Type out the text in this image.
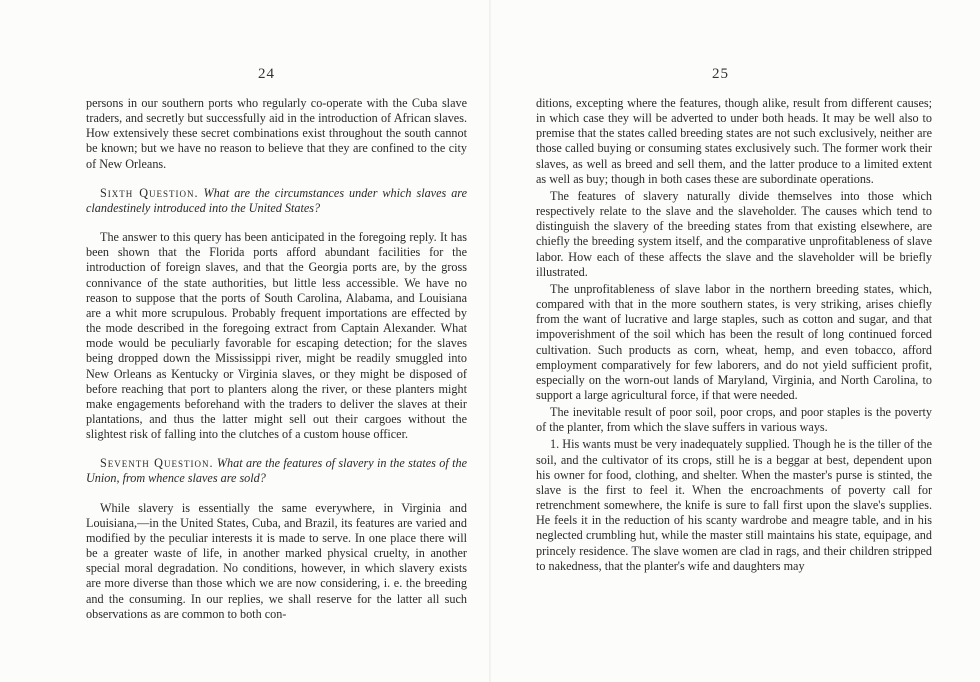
24

persons in our southern ports who regularly co-operate with the Cuba slave traders, and secretly but successfully aid in the introduction of African slaves. How extensively these secret combinations exist throughout the south cannot be known; but we have no reason to believe that they are confined to the city of New Orleans.

Sixth Question. What are the circumstances under which slaves are clandestinely introduced into the United States?

The answer to this query has been anticipated in the foregoing reply. It has been shown that the Florida ports afford abundant facilities for the introduction of foreign slaves, and that the Georgia ports are, by the gross connivance of the state authorities, but little less accessible. We have no reason to suppose that the ports of South Carolina, Alabama, and Louisiana are a whit more scrupulous. Probably frequent importations are effected by the mode described in the foregoing extract from Captain Alexander. What mode would be peculiarly favorable for escaping detection; for the slaves being dropped down the Mississippi river, might be readily smuggled into New Orleans as Kentucky or Virginia slaves, or they might be disposed of before reaching that port to planters along the river, or these planters might make engagements beforehand with the traders to deliver the slaves at their plantations, and thus the latter might sell out their cargoes without the slightest risk of falling into the clutches of a custom house officer.

Seventh Question. What are the features of slavery in the states of the Union, from whence slaves are sold?

While slavery is essentially the same everywhere, in Virginia and Louisiana,—in the United States, Cuba, and Brazil, its features are varied and modified by the peculiar interests it is made to serve. In one place there will be a greater waste of life, in another marked physical cruelty, in another special moral degradation. No conditions, however, in which slavery exists are more diverse than those which we are now considering, i. e. the breeding and the consuming. In our replies, we shall reserve for the latter all such observations as are common to both con-

25

ditions, excepting where the features, though alike, result from different causes; in which case they will be adverted to under both heads. It may be well also to premise that the states called breeding states are not such exclusively, neither are those called buying or consuming states exclusively such. The former work their slaves, as well as breed and sell them, and the latter produce to a limited extent as well as buy; though in both cases these are subordinate operations.

The features of slavery naturally divide themselves into those which respectively relate to the slave and the slaveholder. The causes which tend to distinguish the slavery of the breeding states from that existing elsewhere, are chiefly the breeding system itself, and the comparative unprofitableness of slave labor. How each of these affects the slave and the slaveholder will be briefly illustrated.

The unprofitableness of slave labor in the northern breeding states, which, compared with that in the more southern states, is very striking, arises chiefly from the want of lucrative and large staples, such as cotton and sugar, and that impoverishment of the soil which has been the result of long continued forced cultivation. Such products as corn, wheat, hemp, and even tobacco, afford employment comparatively for few laborers, and do not yield sufficient profit, especially on the worn-out lands of Maryland, Virginia, and North Carolina, to support a large agricultural force, if that were needed.

The inevitable result of poor soil, poor crops, and poor staples is the poverty of the planter, from which the slave suffers in various ways.

1. His wants must be very inadequately supplied. Though he is the tiller of the soil, and the cultivator of its crops, still he is a beggar at best, dependent upon his owner for food, clothing, and shelter. When the master's purse is stinted, the slave is the first to feel it. When the encroachments of poverty call for retrenchment somewhere, the knife is sure to fall first upon the slave's supplies. He feels it in the reduction of his scanty wardrobe and meagre table, and in his neglected crumbling hut, while the master still maintains his state, equipage, and princely residence. The slave women are clad in rags, and their children stripped to nakedness, that the planter's wife and daughters may
